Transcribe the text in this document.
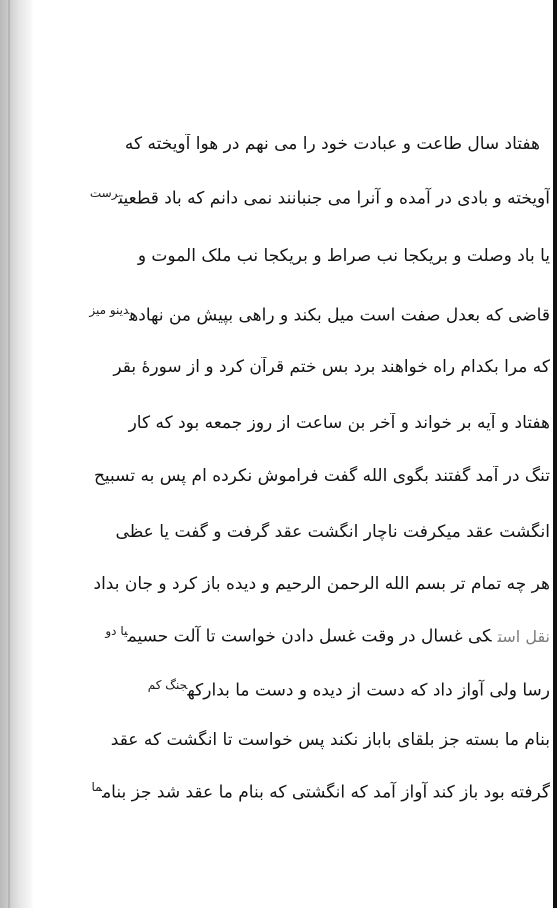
هفتاد سال طاعت و عبادت خود را می نهم در هوا آویخته که
آویخته و بادی در آمده و آنرا می جنبانند نمی دانم که باد قطعیت$^{رست}$
یا باد وصلت و بریکجا نب صراط و بریکجا نب ملک الموت و
قاضی که بعدل صفت است میل بکند و راهی بپیش من نهاده$^{دینو میز}$
که مرا بکدام راه خواهند برد بس ختم قرآن کرد و از سورهٔ بقر
هفتاد و آیه بر خواند و آخر بن ساعت از روز جمعه بود که کار
تنگ در آمد گفتند بگوی الله گفت فراموش نکرده ام پس به تسبیح
انگشت عقد میکرفت ناچار انگشت عقد گرفت و گفت یا عظی
هر چه تمام تر بسم الله الرحمن الرحیم و دیده باز کرد و جان بداد
نقل استکی غسال در وقت غسل دادن خواست تا آلت حسیم$^{یا دو}$
رسا ولی آواز داد که دست از دیده و دست ما بدارکه$^{جنگ کم}$
بنام ما بسته جز بلقای باباز نکند پس خواست تا انگشت که عقد
گرفته بود باز کند آواز آمد که انگشتی که بنام ما عقد شد جز بنام$^{ما}$
